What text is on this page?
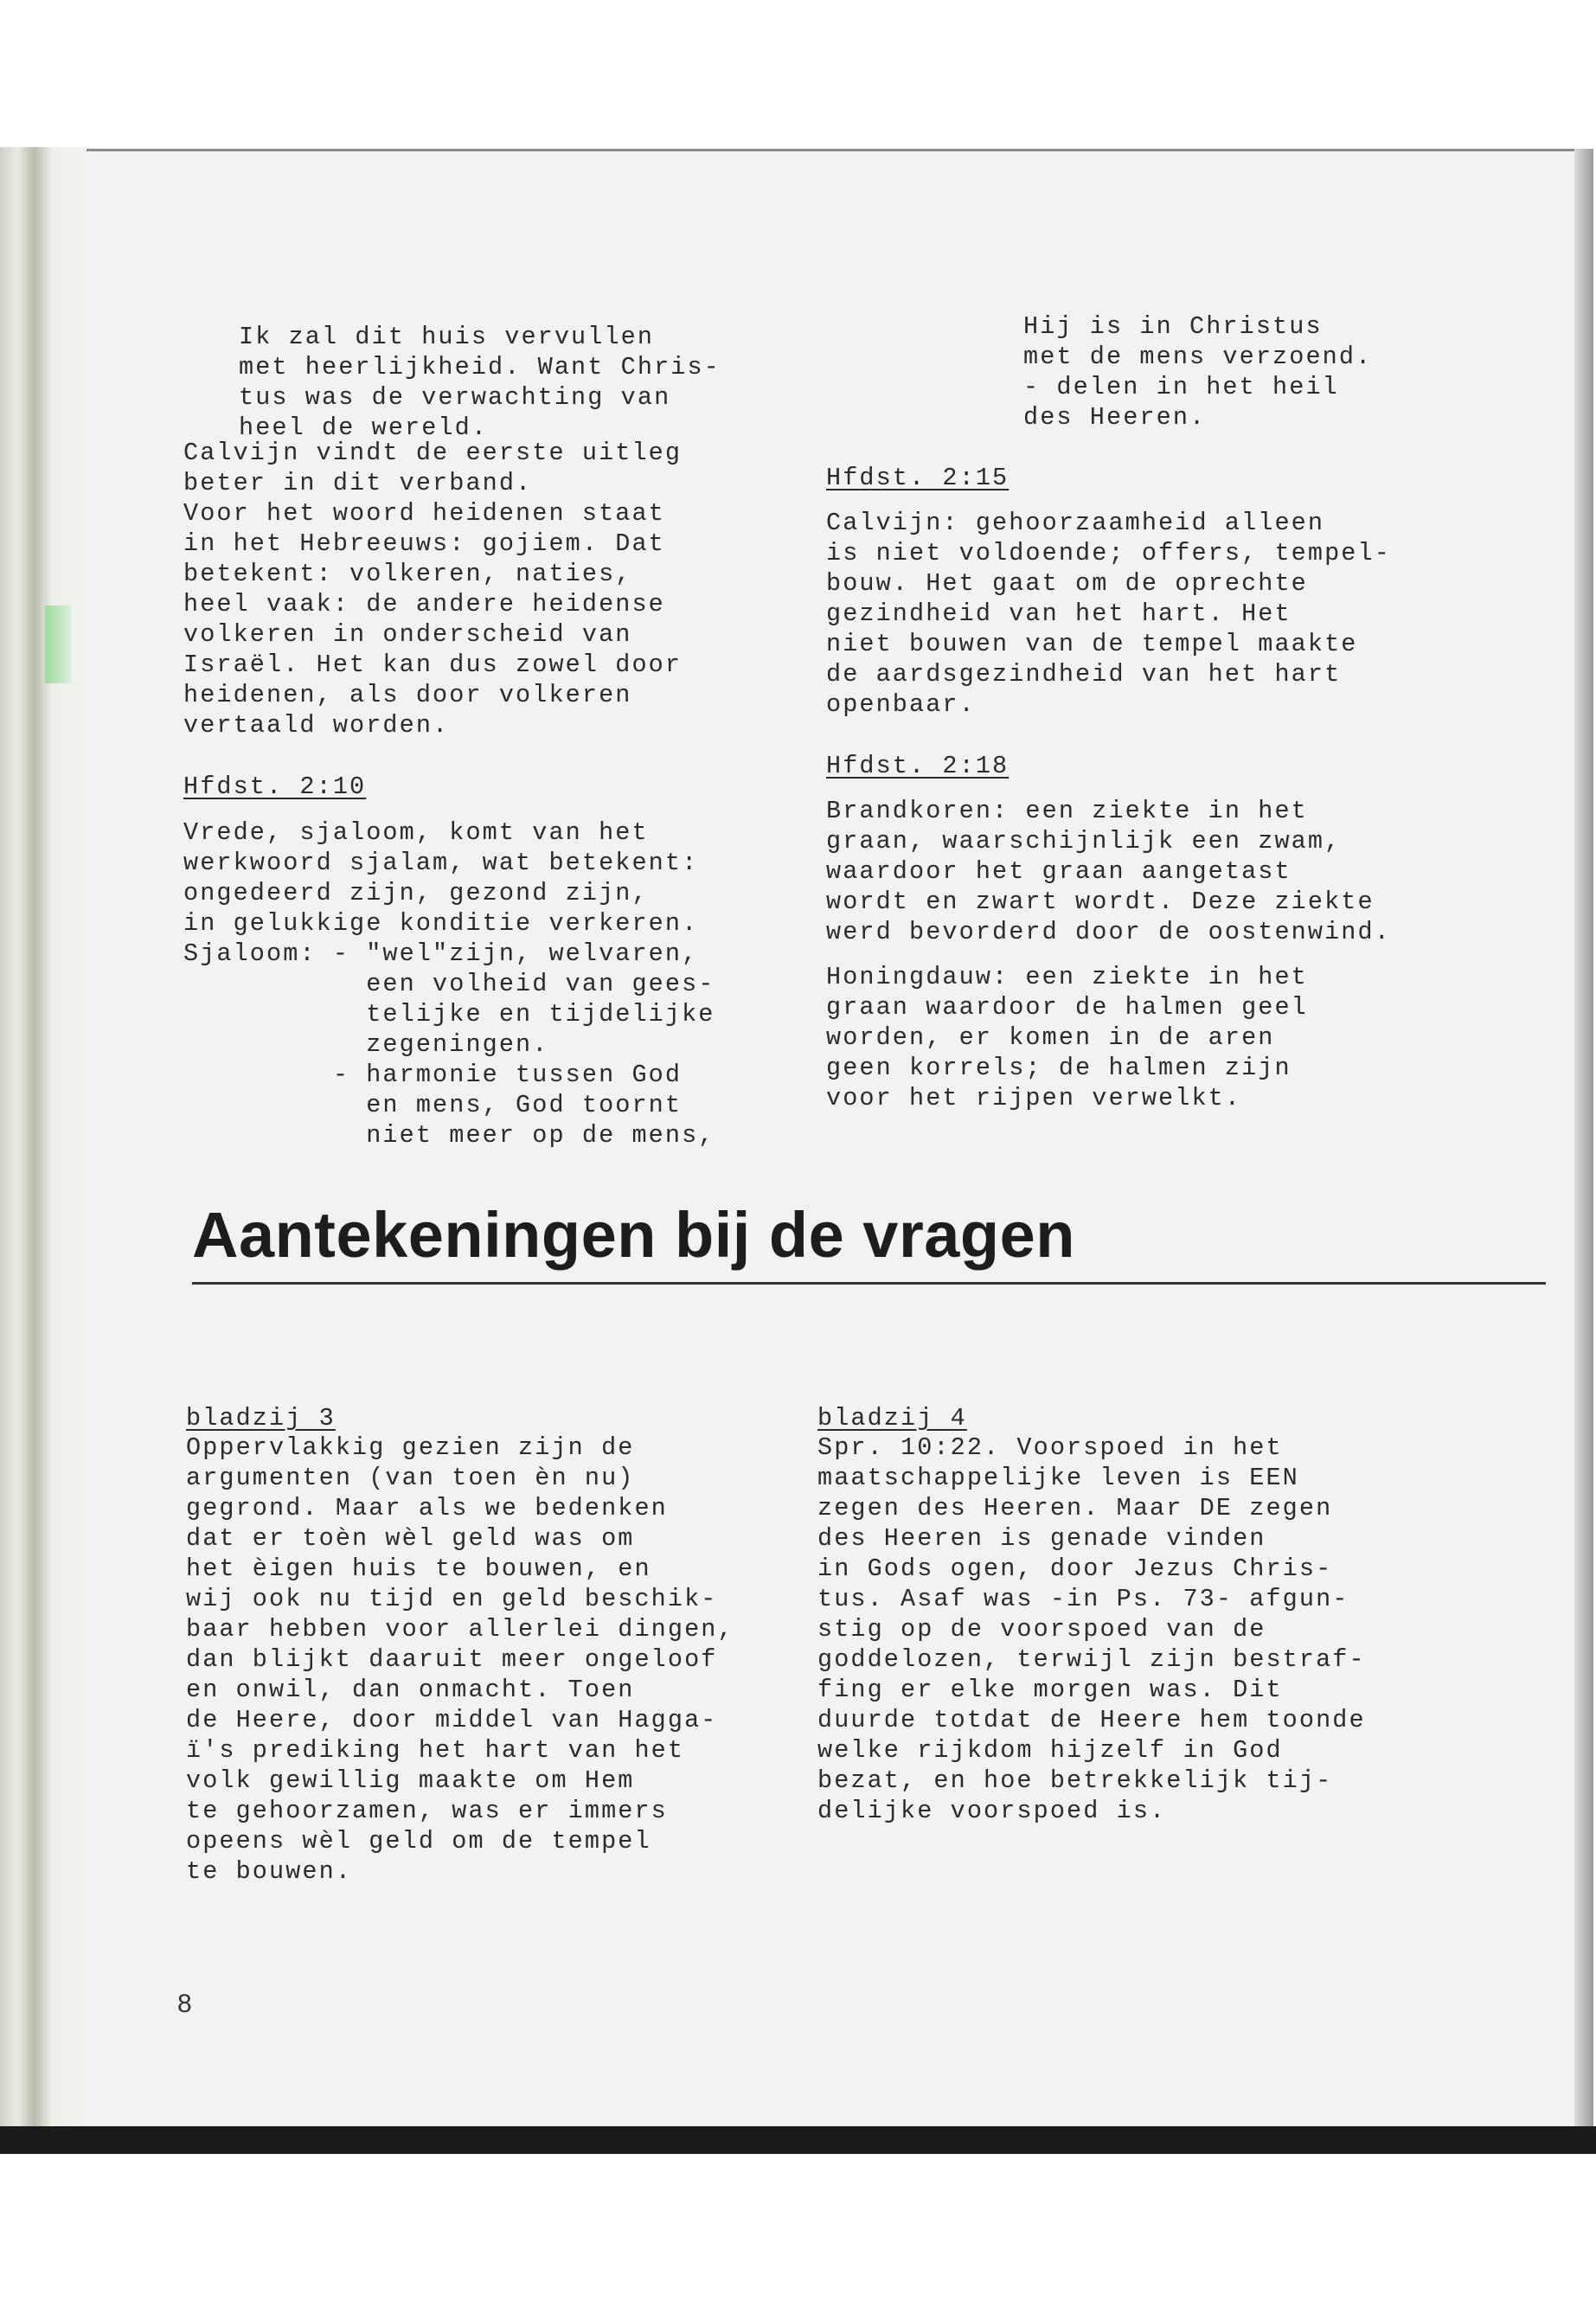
Ik zal dit huis vervullen
met heerlijkheid. Want Chris-
tus was de verwachting van
heel de wereld.
Calvijn vindt de eerste uitleg
beter in dit verband.
Voor het woord heidenen staat
in het Hebreeuws: gojiem. Dat
betekent: volkeren, naties,
heel vaak: de andere heidense
volkeren in onderscheid van
Israël. Het kan dus zowel door
heidenen, als door volkeren
vertaald worden.
Hfdst. 2:10
Vrede, sjaloom, komt van het
werkwoord sjalam, wat betekent:
ongedeerd zijn, gezond zijn,
in gelukkige konditie verkeren.
Sjaloom: - "wel"zijn, welvaren,
een volheid van gees-
telijke en tijdelijke
zegeningen.
- harmonie tussen God
en mens, God toornt
niet meer op de mens,
Hij is in Christus
met de mens verzoend.
- delen in het heil
des Heeren.
Hfdst. 2:15
Calvijn: gehoorzaamheid alleen
is niet voldoende; offers, tempel-
bouw. Het gaat om de oprechte
gezindheid van het hart. Het
niet bouwen van de tempel maakte
de aardsgezindheid van het hart
openbaar.
Hfdst. 2:18
Brandkoren: een ziekte in het
graan, waarschijnlijk een zwam,
waardoor het graan aangetast
wordt en zwart wordt. Deze ziekte
werd bevorderd door de oostenwind.
Honingdauw: een ziekte in het
graan waardoor de halmen geel
worden, er komen in de aren
geen korrels; de halmen zijn
voor het rijpen verwelkt.
Aantekeningen bij de vragen
bladzij 3
Oppervlakkig gezien zijn de
argumenten (van toen èn nu)
gegrond. Maar als we bedenken
dat er toèn wèl geld was om
het èigen huis te bouwen, en
wij ook nu tijd en geld beschik-
baar hebben voor allerlei dingen,
dan blijkt daaruit meer ongeloof
en onwil, dan onmacht. Toen
de Heere, door middel van Hagga-
ï's prediking het hart van het
volk gewillig maakte om Hem
te gehoorzamen, was er immers
opeens wèl geld om de tempel
te bouwen.
bladzij 4
Spr. 10:22. Voorspoed in het
maatschappelijke leven is EEN
zegen des Heeren. Maar DE zegen
des Heeren is genade vinden
in Gods ogen, door Jezus Chris-
tus. Asaf was -in Ps. 73- afgun-
stig op de voorspoed van de
goddelozen, terwijl zijn bestraf-
fing er elke morgen was. Dit
duurde totdat de Heere hem toonde
welke rijkdom hijzelf in God
bezat, en hoe betrekkelijk tij-
delijke voorspoed is.
8
